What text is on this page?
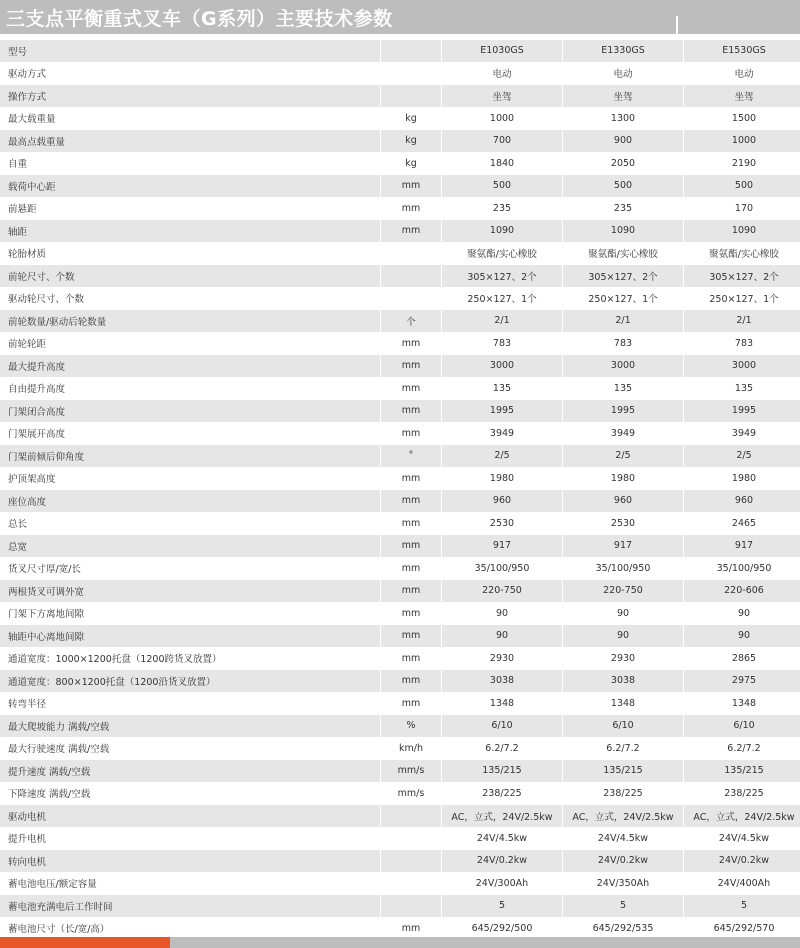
三支点平衡重式叉车（G系列）主要技术参数
型号		E1030GS	E1330GS	E1530GS
驱动方式		电动	电动	电动
操作方式		坐驾	坐驾	坐驾
最大载重量	kg	1000	1300	1500
最高点载重量	kg	700	900	1000
自重	kg	1840	2050	2190
载荷中心距	mm	500	500	500
前悬距	mm	235	235	170
轴距	mm	1090	1090	1090
轮胎材质		聚氨酯/实心橡胶	聚氨酯/实心橡胶	聚氨酯/实心橡胶
前轮尺寸、个数		305×127、2个	305×127、2个	305×127、2个
驱动轮尺寸、个数		250×127、1个	250×127、1个	250×127、1个
前轮数量/驱动后轮数量	个	2/1	2/1	2/1
前轮轮距	mm	783	783	783
最大提升高度	mm	3000	3000	3000
自由提升高度	mm	135	135	135
门架闭合高度	mm	1995	1995	1995
门架展开高度	mm	3949	3949	3949
门架前倾后仰角度	°	2/5	2/5	2/5
护顶架高度	mm	1980	1980	1980
座位高度	mm	960	960	960
总长	mm	2530	2530	2465
总宽	mm	917	917	917
货叉尺寸厚/宽/长	mm	35/100/950	35/100/950	35/100/950
两根货叉可调外宽	mm	220-750	220-750	220-606
门架下方离地间隙	mm	90	90	90
轴距中心离地间隙	mm	90	90	90
通道宽度：1000×1200托盘（1200跨货叉放置）	mm	2930	2930	2865
通道宽度：800×1200托盘（1200沿货叉放置）	mm	3038	3038	2975
转弯半径	mm	1348	1348	1348
最大爬坡能力 满载/空载	%	6/10	6/10	6/10
最大行驶速度 满载/空载	km/h	6.2/7.2	6.2/7.2	6.2/7.2
提升速度 满载/空载	mm/s	135/215	135/215	135/215
下降速度 满载/空载	mm/s	238/225	238/225	238/225
驱动电机		AC，立式，24V/2.5kw	AC，立式，24V/2.5kw	AC，立式，24V/2.5kw
提升电机		24V/4.5kw	24V/4.5kw	24V/4.5kw
转向电机		24V/0.2kw	24V/0.2kw	24V/0.2kw
蓄电池电压/额定容量		24V/300Ah	24V/350Ah	24V/400Ah
蓄电池充满电后工作时间		5	5	5
蓄电池尺寸（长/宽/高）	mm	645/292/500	645/292/535	645/292/570
